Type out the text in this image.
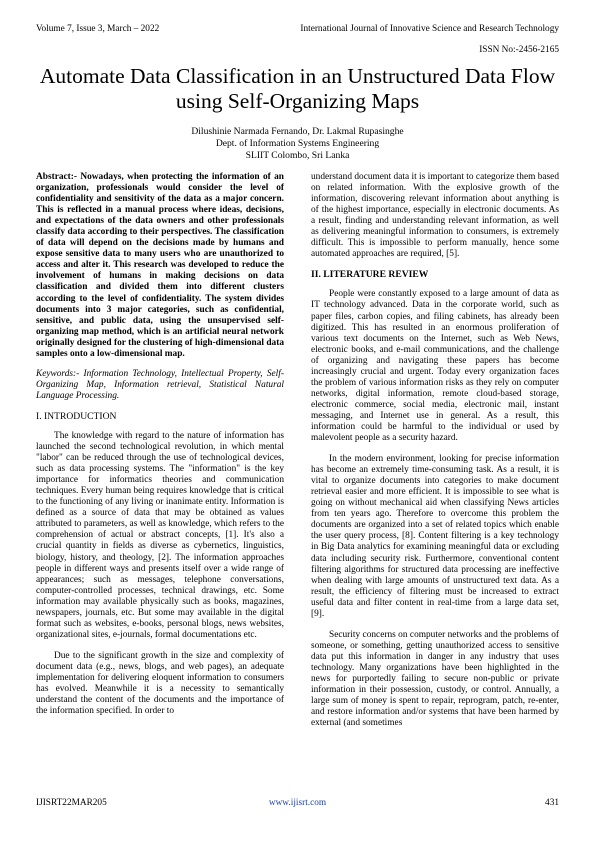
Volume 7, Issue 3, March – 2022	International Journal of Innovative Science and Research Technology
ISSN No:-2456-2165
Automate Data Classification in an Unstructured Data Flow using Self-Organizing Maps
Dilushinie Narmada Fernando, Dr. Lakmal Rupasinghe
Dept. of Information Systems Engineering
SLIIT Colombo, Sri Lanka

Abstract:- Nowadays, when protecting the information of an organization, professionals would consider the level of confidentiality and sensitivity of the data as a major concern. This is reflected in a manual process where ideas, decisions, and expectations of the data owners and other professionals classify data according to their perspectives. The classification of data will depend on the decisions made by humans and expose sensitive data to many users who are unauthorized to access and alter it. This research was developed to reduce the involvement of humans in making decisions on data classification and divided them into different clusters according to the level of confidentiality. The system divides documents into 3 major categories, such as confidential, sensitive, and public data, using the unsupervised self-organizing map method, which is an artificial neural network originally designed for the clustering of high-dimensional data samples onto a low-dimensional map.

Keywords:- Information Technology, Intellectual Property, Self-Organizing Map, Information retrieval, Statistical Natural Language Processing.

I. INTRODUCTION

The knowledge with regard to the nature of information has launched the second technological revolution, in which mental "labor" can be reduced through the use of technological devices, such as data processing systems. The "information" is the key importance for informatics theories and communication techniques. Every human being requires knowledge that is critical to the functioning of any living or inanimate entity. Information is defined as a source of data that may be obtained as values attributed to parameters, as well as knowledge, which refers to the comprehension of actual or abstract concepts, [1]. It's also a crucial quantity in fields as diverse as cybernetics, linguistics, biology, history, and theology, [2]. The information approaches people in different ways and presents itself over a wide range of appearances; such as messages, telephone conversations, computer-controlled processes, technical drawings, etc. Some information may available physically such as books, magazines, newspapers, journals, etc. But some may available in the digital format such as websites, e-books, personal blogs, news websites, organizational sites, e-journals, formal documentations etc.

Due to the significant growth in the size and complexity of document data (e.g., news, blogs, and web pages), an adequate implementation for delivering eloquent information to consumers has evolved. Meanwhile it is a necessity to semantically understand the content of the documents and the importance of the information specified. In order to

understand document data it is important to categorize them based on related information. With the explosive growth of the information, discovering relevant information about anything is of the highest importance, especially in electronic documents. As a result, finding and understanding relevant information, as well as delivering meaningful information to consumers, is extremely difficult. This is impossible to perform manually, hence some automated approaches are required, [5].

II. LITERATURE REVIEW

People were constantly exposed to a large amount of data as IT technology advanced. Data in the corporate world, such as paper files, carbon copies, and filing cabinets, has already been digitized. This has resulted in an enormous proliferation of various text documents on the Internet, such as Web News, electronic books, and e-mail communications, and the challenge of organizing and navigating these papers has become increasingly crucial and urgent. Today every organization faces the problem of various information risks as they rely on computer networks, digital information, remote cloud-based storage, electronic commerce, social media, electronic mail, instant messaging, and Internet use in general. As a result, this information could be harmful to the individual or used by malevolent people as a security hazard.

In the modern environment, looking for precise information has become an extremely time-consuming task. As a result, it is vital to organize documents into categories to make document retrieval easier and more efficient. It is impossible to see what is going on without mechanical aid when classifying News articles from ten years ago. Therefore to overcome this problem the documents are organized into a set of related topics which enable the user query process, [8]. Content filtering is a key technology in Big Data analytics for examining meaningful data or excluding data including security risk. Furthermore, conventional content filtering algorithms for structured data processing are ineffective when dealing with large amounts of unstructured text data. As a result, the efficiency of filtering must be increased to extract useful data and filter content in real-time from a large data set, [9].

Security concerns on computer networks and the problems of someone, or something, getting unauthorized access to sensitive data put this information in danger in any industry that uses technology. Many organizations have been highlighted in the news for purportedly failing to secure non-public or private information in their possession, custody, or control. Annually, a large sum of money is spent to repair, reprogram, patch, re-enter, and restore information and/or systems that have been harmed by external (and sometimes

IJISRT22MAR205	www.ijisrt.com	431
